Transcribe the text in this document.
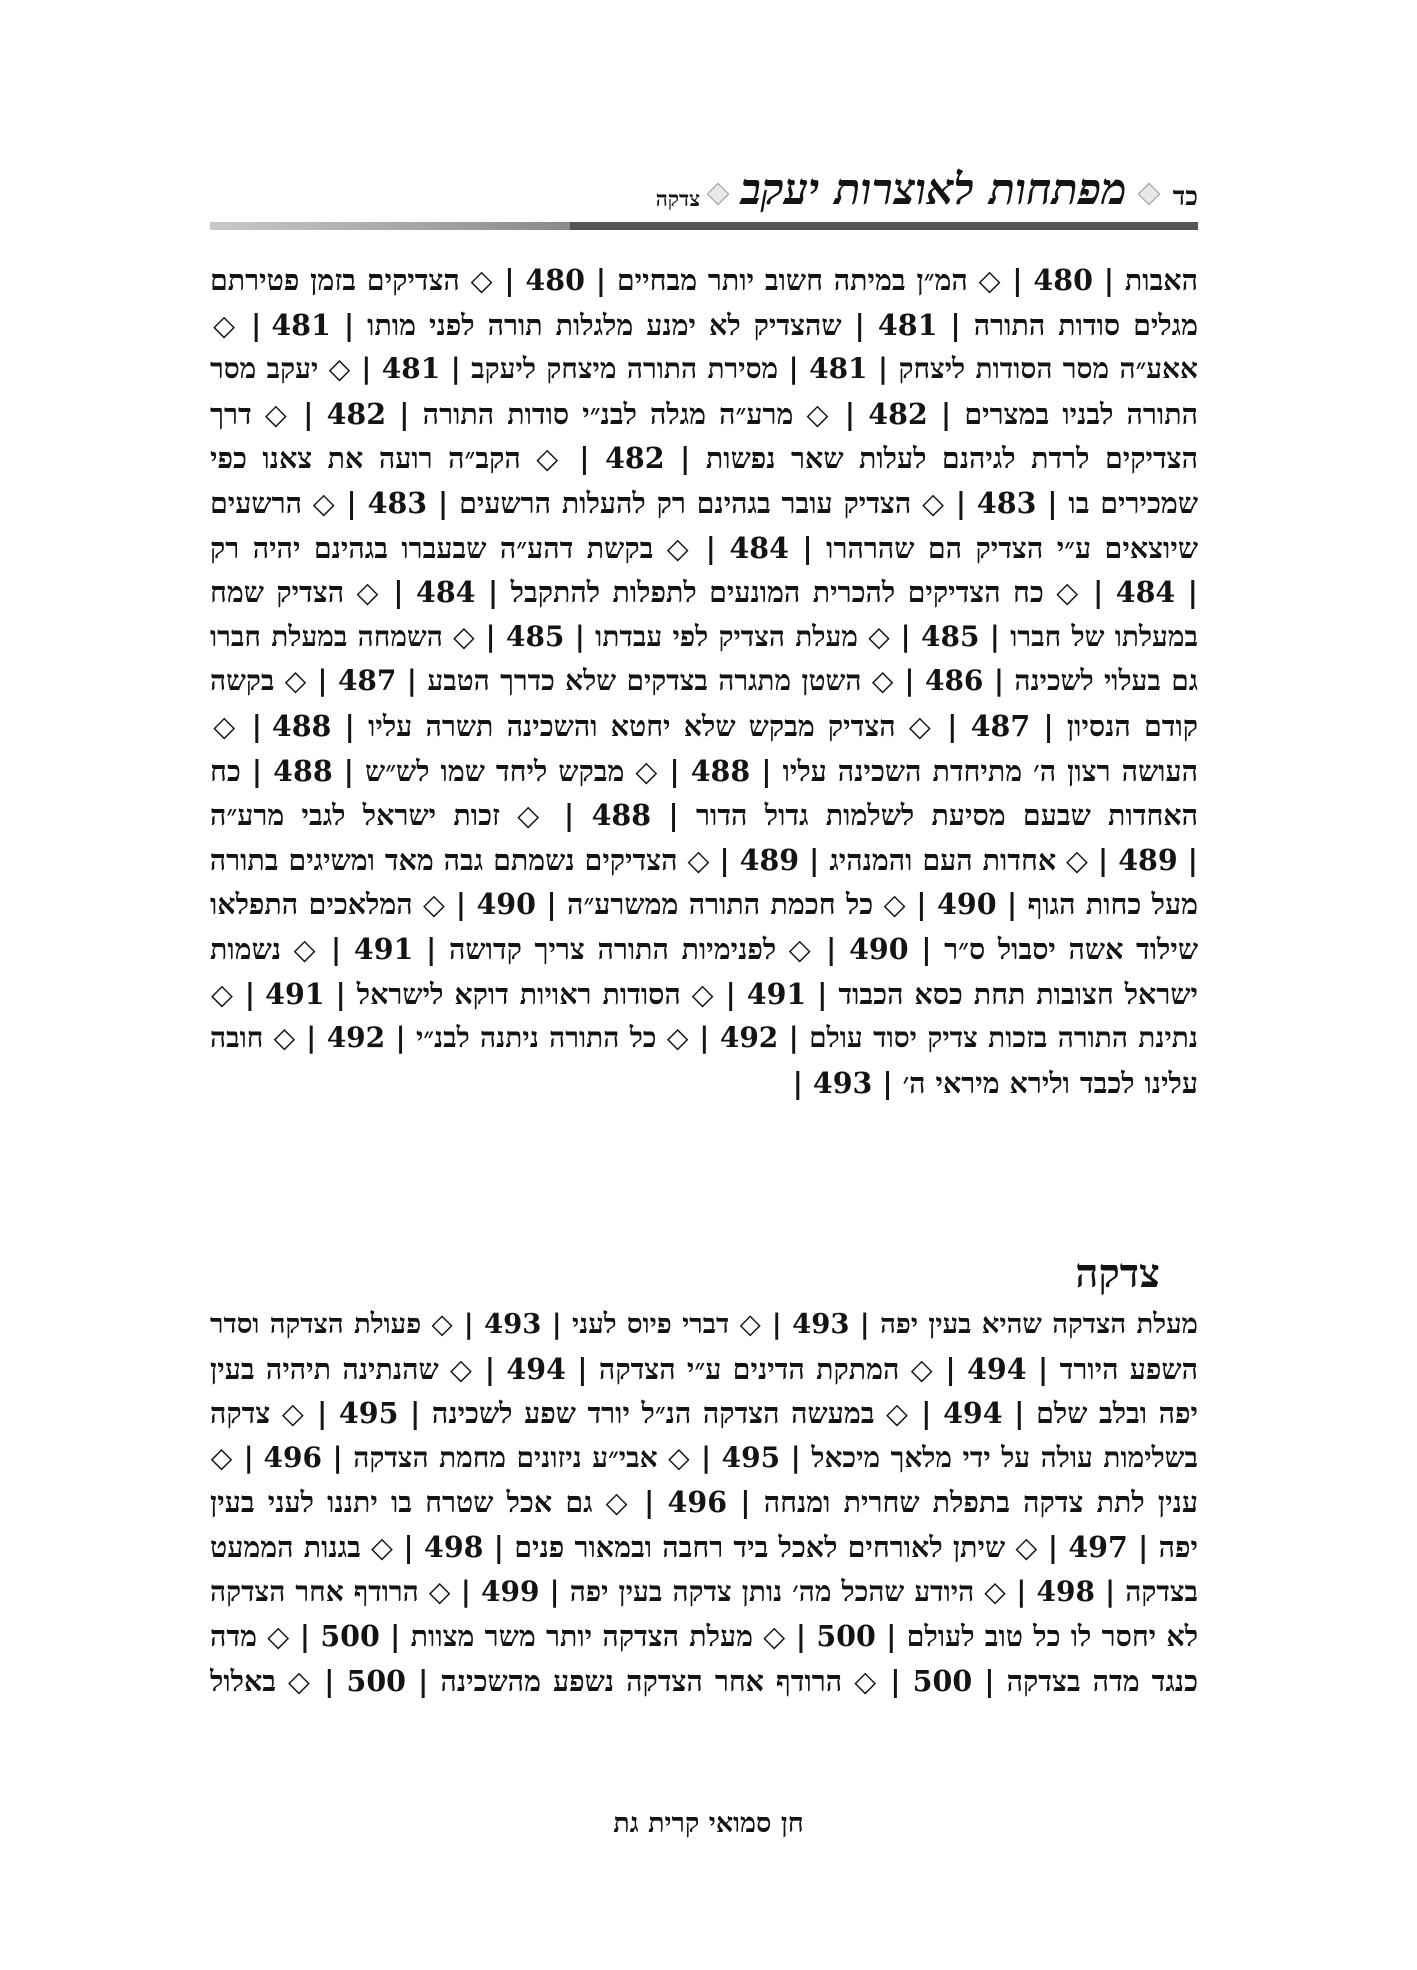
כד
מפתחות לאוצרות יעקב
צדקה
האבות | 480 | ◇ המ״ן במיתה חשוב יותר מבחיים | 480 | ◇ הצדיקים בזמן פטירתם
מגלים סודות התורה | 481 | שהצדיק לא ימנע מלגלות תורה לפני מותו | 481 | ◇
אאע״ה מסר הסודות ליצחק | 481 | מסירת התורה מיצחק ליעקב | 481 | ◇ יעקב מסר
התורה לבניו במצרים | 482 | ◇ מרע״ה מגלה לבנ״י סודות התורה | 482 | ◇ דרך
הצדיקים לרדת לגיהנם לעלות שאר נפשות | 482 | ◇ הקב״ה רועה את צאנו כפי
שמכירים בו | 483 | ◇ הצדיק עובר בגהינם רק להעלות הרשעים | 483 | ◇ הרשעים
שיוצאים ע״י הצדיק הם שהרהרו | 484 | ◇ בקשת דהע״ה שבעברו בגהינם יהיה רק
| 484 | ◇ כח הצדיקים להכרית המונעים לתפלות להתקבל | 484 | ◇ הצדיק שמח
במעלתו של חברו | 485 | ◇ מעלת הצדיק לפי עבדתו | 485 | ◇ השמחה במעלת חברו
גם בעלוי לשכינה | 486 | ◇ השטן מתגרה בצדקים שלא כדרך הטבע | 487 | ◇ בקשה
קודם הנסיון | 487 | ◇ הצדיק מבקש שלא יחטא והשכינה תשרה עליו | 488 | ◇
העושה רצון ה׳ מתיחדת השכינה עליו | 488 | ◇ מבקש ליחד שמו לש״ש | 488 | כח
האחדות שבעם מסיעת לשלמות גדול הדור | 488 | ◇ זכות ישראל לגבי מרע״ה
| 489 | ◇ אחדות העם והמנהיג | 489 | ◇ הצדיקים נשמתם גבה מאד ומשיגים בתורה
מעל כחות הגוף | 490 | ◇ כל חכמת התורה ממשרע״ה | 490 | ◇ המלאכים התפלאו
שילוד אשה יסבול ס״ר | 490 | ◇ לפנימיות התורה צריך קדושה | 491 | ◇ נשמות
ישראל חצובות תחת כסא הכבוד | 491 | ◇ הסודות ראויות דוקא לישראל | 491 | ◇
נתינת התורה בזכות צדיק יסוד עולם | 492 | ◇ כל התורה ניתנה לבנ״י | 492 | ◇ חובה
עלינו לכבד ולירא מיראי ה׳ | 493 |
צדקה
מעלת הצדקה שהיא בעין יפה | 493 | ◇ דברי פיוס לעני | 493 | ◇ פעולת הצדקה וסדר
השפע היורד | 494 | ◇ המתקת הדינים ע״י הצדקה | 494 | ◇ שהנתינה תיהיה בעין
יפה ובלב שלם | 494 | ◇ במעשה הצדקה הנ״ל יורד שפע לשכינה | 495 | ◇ צדקה
בשלימות עולה על ידי מלאך מיכאל | 495 | ◇ אבי״ע ניזונים מחמת הצדקה | 496 | ◇
ענין לתת צדקה בתפלת שחרית ומנחה | 496 | ◇ גם אכל שטרח בו יתננו לעני בעין
יפה | 497 | ◇ שיתן לאורחים לאכל ביד רחבה ובמאור פנים | 498 | ◇ בגנות הממעט
בצדקה | 498 | ◇ היודע שהכל מה׳ נותן צדקה בעין יפה | 499 | ◇ הרודף אחר הצדקה
לא יחסר לו כל טוב לעולם | 500 | ◇ מעלת הצדקה יותר משר מצוות | 500 | ◇ מדה
כנגד מדה בצדקה | 500 | ◇ הרודף אחר הצדקה נשפע מהשכינה | 500 | ◇ באלול
חן סמואי קרית גת
